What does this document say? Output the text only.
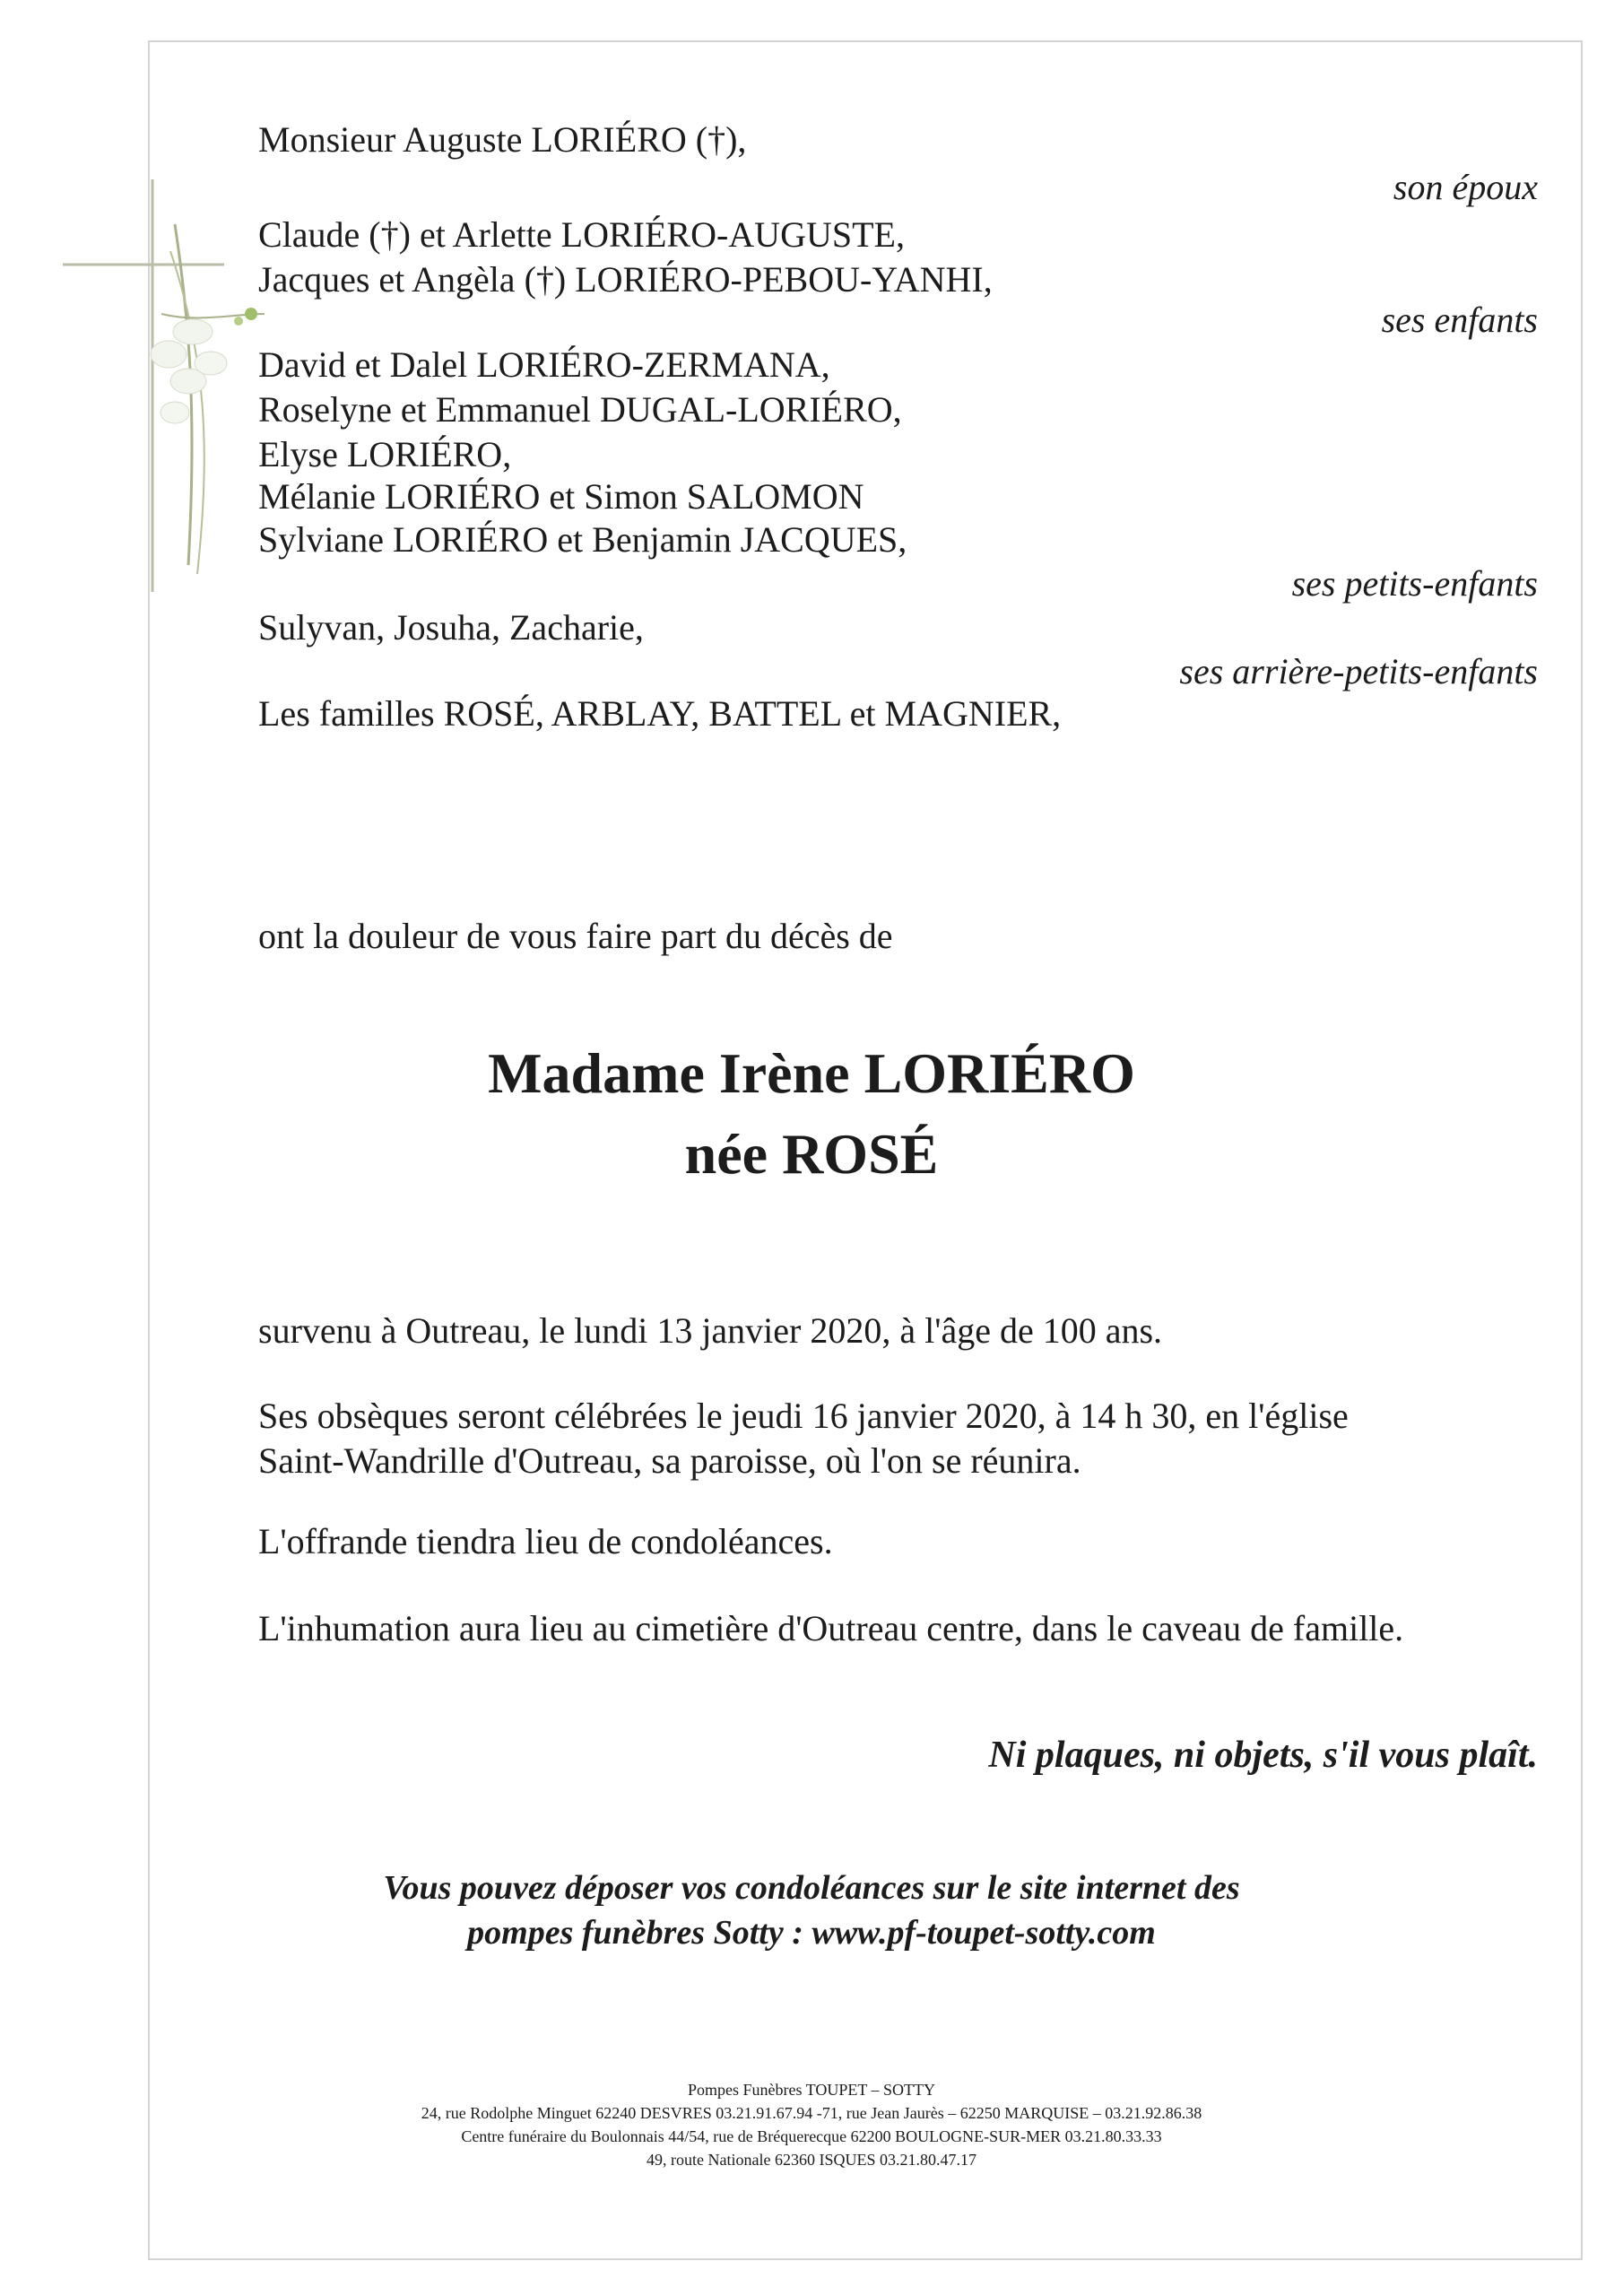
Monsieur Auguste LORIÉRO (†),
son époux
Claude (†) et Arlette LORIÉRO-AUGUSTE,
Jacques et Angèla (†) LORIÉRO-PEBOU-YANHI,
ses enfants
David et Dalel LORIÉRO-ZERMANA,
Roselyne et Emmanuel DUGAL-LORIÉRO,
Elyse LORIÉRO,
Mélanie LORIÉRO et Simon SALOMON
Sylviane LORIÉRO et Benjamin JACQUES,
ses petits-enfants
Sulyvan, Josuha, Zacharie,
ses arrière-petits-enfants
Les familles ROSÉ, ARBLAY, BATTEL et MAGNIER,
ont la douleur de vous faire part du décès de
Madame Irène LORIÉRO
née ROSÉ
survenu à Outreau, le lundi 13 janvier 2020, à l'âge de 100 ans.
Ses obsèques seront célébrées le jeudi 16 janvier 2020, à 14 h 30, en l'église
Saint-Wandrille d'Outreau, sa paroisse, où l'on se réunira.
L'offrande tiendra lieu de condoléances.
L'inhumation aura lieu au cimetière d'Outreau centre, dans le caveau de famille.
Ni plaques, ni objets, s'il vous plaît.
Vous pouvez déposer vos condoléances sur le site internet des
pompes funèbres Sotty : www.pf-toupet-sotty.com
Pompes Funèbres TOUPET – SOTTY
24, rue Rodolphe Minguet 62240 DESVRES 03.21.91.67.94 -71, rue Jean Jaurès – 62250 MARQUISE – 03.21.92.86.38
Centre funéraire du Boulonnais 44/54, rue de Bréquerecque 62200 BOULOGNE-SUR-MER 03.21.80.33.33
49, route Nationale 62360 ISQUES 03.21.80.47.17
